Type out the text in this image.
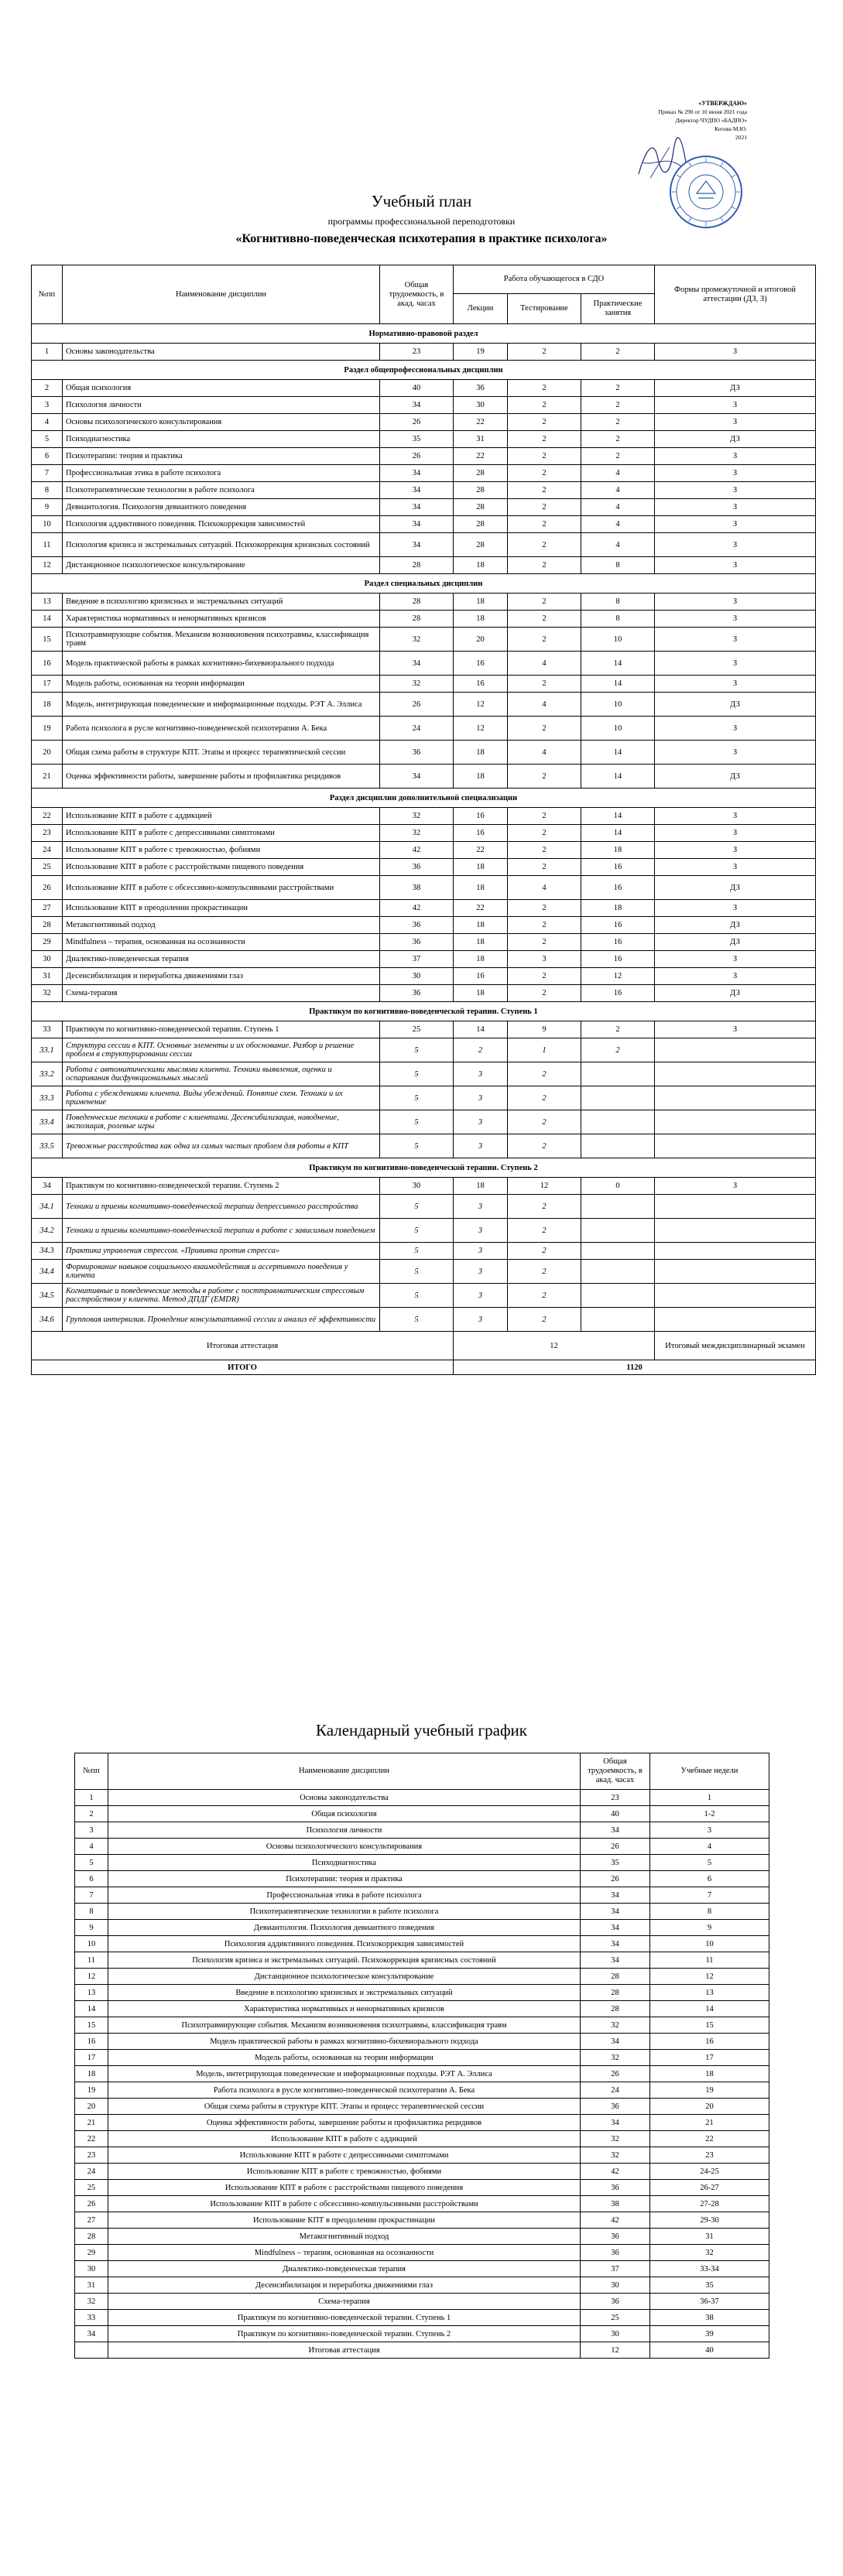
«УТВЕРЖДАЮ»
Приказ № 290 от 10 июня 2021 года
Директор ЧУДПО «БАДПО»
Котова М.Ю.
2021
Учебный план
программы профессиональной переподготовки
«Когнитивно-поведенческая психотерапия в практике психолога»
№пп	Наименование дисциплин	Общая трудоемкость, в акад. часах	Работа обучающегося в СДО			Формы промежуточной и итоговой аттестации (ДЗ, З)
			Лекции	Тестирование	Практические занятия	
Нормативно-правовой раздел						
1	Основы законодательства	23	19	2	2	З
Раздел общепрофессиональных дисциплин						
2	Общая психология	40	36	2	2	ДЗ
3	Психология личности	34	30	2	2	З
4	Основы психологического консультирования	26	22	2	2	З
5	Психодиагностика	35	31	2	2	ДЗ
6	Психотерапии: теория и практика	26	22	2	2	З
7	Профессиональная этика в работе психолога	34	28	2	4	З
8	Психотерапевтические технологии в работе психолога	34	28	2	4	З
9	Девиантология. Психология девиантного поведения	34	28	2	4	З
10	Психология аддиктивного поведения. Психокоррекция зависимостей	34	28	2	4	З
11	Психология кризиса и экстремальных ситуаций. Психокоррекция кризисных состояний	34	28	2	4	З
12	Дистанционное психологическое консультирование	28	18	2	8	З
Раздел специальных дисциплин						
13	Введение в психологию кризисных и экстремальных ситуаций	28	18	2	8	З
14	Характеристика нормативных и ненормативных кризисов	28	18	2	8	З
15	Психотравмирующие события. Механизм возникновения психотравмы, классификация травм	32	20	2	10	З
16	Модель практической работы в рамках когнитивно-бихевиорального подхода	34	16	4	14	З
17	Модель работы, основанная на теории информации	32	16	2	14	З
18	Модель, интегрирующая поведенческие и информационные подходы. РЭТ А. Эллиса	26	12	4	10	ДЗ
19	Работа психолога в русле когнитивно-поведенческой психотерапии А. Бека	24	12	2	10	З
20	Общая схема работы в структуре КПТ. Этапы и процесс терапевтической сессии	36	18	4	14	З
21	Оценка эффективности работы, завершение работы и профилактика рецидивов	34	18	2	14	ДЗ
Раздел дисциплин дополнительной специализации						
22	Использование КПТ в работе с аддикцией	32	16	2	14	З
23	Использование КПТ в работе с депрессивными симптомами	32	16	2	14	З
24	Использование КПТ в работе с тревожностью, фобиями	42	22	2	18	З
25	Использование КПТ в работе с расстройствами пищевого поведения	36	18	2	16	З
26	Использование КПТ в работе с обсессивно-компульсивными расстройствами	38	18	4	16	ДЗ
27	Использование КПТ в преодолении прокрастинации	42	22	2	18	З
28	Метакогнитивный подход	36	18	2	16	ДЗ
29	Mindfulness – терапия, основанная на осознанности	36	18	2	16	ДЗ
30	Диалектико-поведенческая терапия	37	18	3	16	З
31	Десенсибилизация и переработка движениями глаз	30	16	2	12	З
32	Схема-терапия	36	18	2	16	ДЗ
Практикум по когнитивно-поведенческой терапии. Ступень 1						
33	Практикум по когнитивно-поведенческой терапии. Ступень 1	25	14	9	2	З
33.1	Структура сессии в КПТ. Основные элементы и их обоснование. Разбор и решение проблем в структурировании сессии	5	2	1	2	
33.2	Работа с автоматическими мыслями клиента. Техники выявления, оценки и оспаривания дисфункциональных мыслей	5	3	2		
33.3	Работа с убеждениями клиента. Виды убеждений. Понятие схем. Техники и их применение	5	3	2		
33.4	Поведенческие техники в работе с клиентами. Десенсибилизация, наводнение, экспозиция, ролевые игры	5	3	2		
33.5	Тревожные расстройства как одна из самых частых проблем для работы в КПТ	5	3	2		
Практикум по когнитивно-поведенческой терапии. Ступень 2						
34	Практикум по когнитивно-поведенческой терапии. Ступень 2	30	18	12	0	З
34.1	Техники и приемы когнитивно-поведенческой терапии депрессивного расстройства	5	3	2		
34.2	Техники и приемы когнитивно-поведенческой терапии в работе с зависимым поведением	5	3	2		
34.3	Практика управления стрессом. «Прививка против стресса»	5	3	2		
34.4	Формирование навыков социального взаимодействия и ассертивного поведения у клиента	5	3	2		
34.5	Когнитивные и поведенческие методы в работе с посттравматическим стрессовым расстройством у клиента. Метод ДПДГ (EMDR)	5	3	2		
34.6	Групповая интервизия. Проведение консультативной сессии и анализ её эффективности	5	3	2		
Итоговая аттестация			12			Итоговый междисциплинарный экзамен
ИТОГО			1120			
Календарный учебный график
№пп	Наименование дисциплин	Общая трудоемкость, в акад. часах	Учебные недели
1	Основы законодательства	23	1
2	Общая психология	40	1-2
3	Психология личности	34	3
4	Основы психологического консультирования	26	4
5	Психодиагностика	35	5
6	Психотерапии: теория и практика	26	6
7	Профессиональная этика в работе психолога	34	7
8	Психотерапевтические технологии в работе психолога	34	8
9	Девиантология. Психология девиантного поведения	34	9
10	Психология аддиктивного поведения. Психокоррекция зависимостей	34	10
11	Психология кризиса и экстремальных ситуаций. Психокоррекция кризисных состояний	34	11
12	Дистанционное психологическое консультирование	28	12
13	Введение в психологию кризисных и экстремальных ситуаций	28	13
14	Характеристика нормативных и ненормативных кризисов	28	14
15	Психотравмирующие события. Механизм возникновения психотравмы, классификация травм	32	15
16	Модель практической работы в рамках когнитивно-бихевиорального подхода	34	16
17	Модель работы, основанная на теории информации	32	17
18	Модель, интегрирующая поведенческие и информационные подходы. РЭТ А. Эллиса	26	18
19	Работа психолога в русле когнитивно-поведенческой психотерапии А. Бека	24	19
20	Общая схема работы в структуре КПТ. Этапы и процесс терапевтической сессии	36	20
21	Оценка эффективности работы, завершение работы и профилактика рецидивов	34	21
22	Использование КПТ в работе с аддикцией	32	22
23	Использование КПТ в работе с депрессивными симптомами	32	23
24	Использование КПТ в работе с тревожностью, фобиями	42	24-25
25	Использование КПТ в работе с расстройствами пищевого поведения	36	26-27
26	Использование КПТ в работе с обсессивно-компульсивными расстройствами	38	27-28
27	Использование КПТ в преодолении прокрастинации	42	29-30
28	Метакогнитивный подход	36	31
29	Mindfulness – терапия, основанная на осознанности	36	32
30	Диалектико-поведенческая терапия	37	33-34
31	Десенсибилизация и переработка движениями глаз	30	35
32	Схема-терапия	36	36-37
33	Практикум по когнитивно-поведенческой терапии. Ступень 1	25	38
34	Практикум по когнитивно-поведенческой терапии. Ступень 2	30	39
	Итоговая аттестация	12	40
